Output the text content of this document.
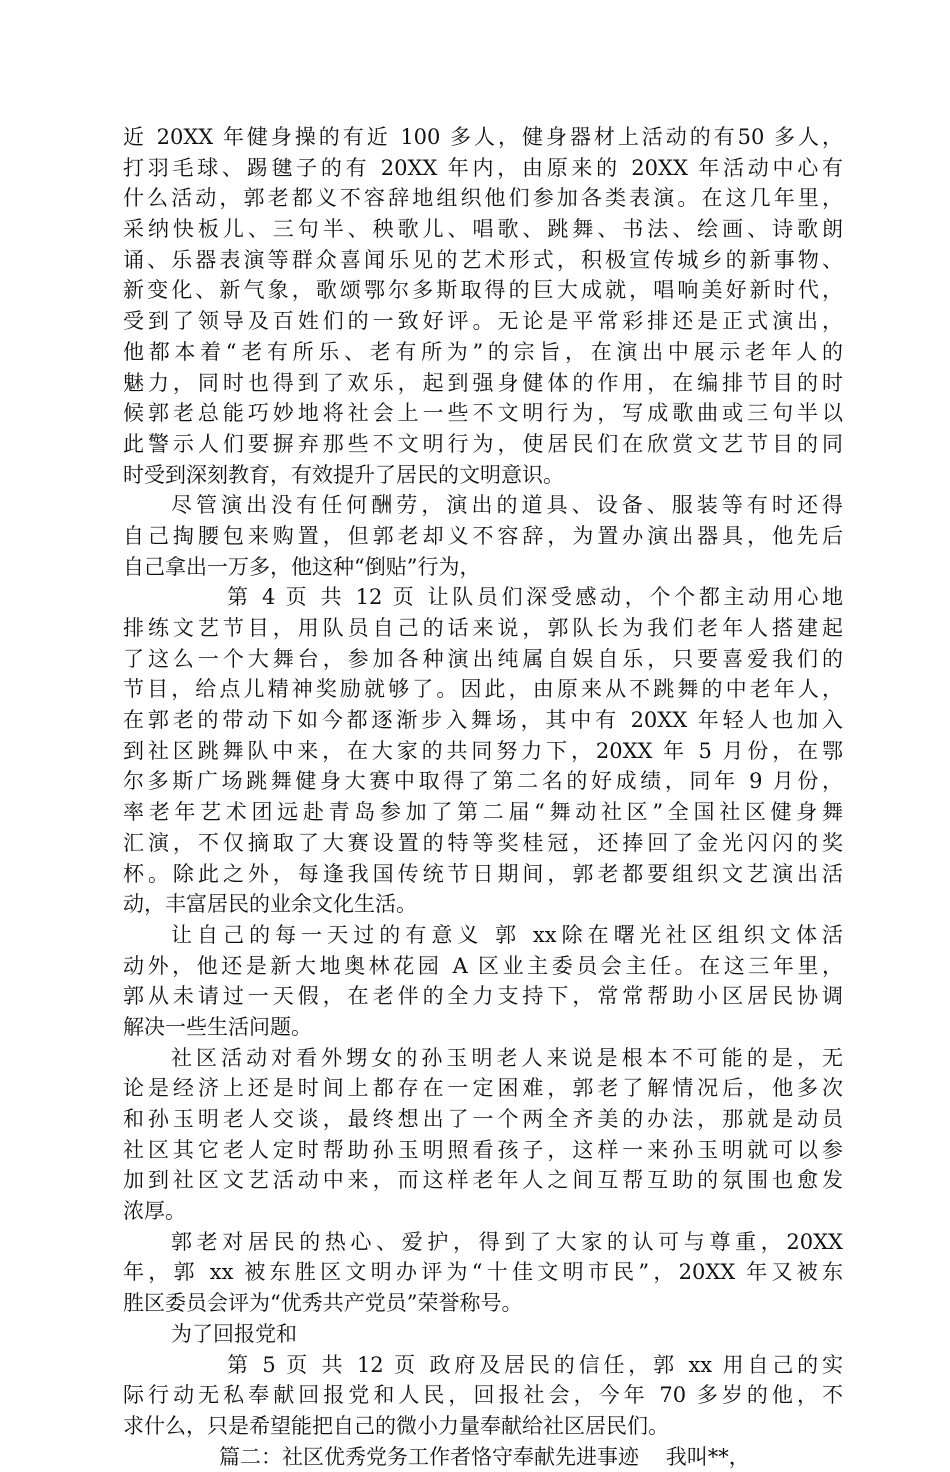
近 20XX 年健身操的有近 100 多人，健身器材上活动的有50 多人，
打羽毛球、踢毽子的有 20XX 年内，由原来的 20XX 年活动中心有
什么活动，郭老都义不容辞地组织他们参加各类表演。在这几年里，
采纳快板儿、三句半、秧歌儿、唱歌、跳舞、书法、绘画、诗歌朗
诵、乐器表演等群众喜闻乐见的艺术形式，积极宣传城乡的新事物、
新变化、新气象，歌颂鄂尔多斯取得的巨大成就，唱响美好新时代，
受到了领导及百姓们的一致好评。无论是平常彩排还是正式演出，
他都本着“老有所乐、老有所为”的宗旨，在演出中展示老年人的
魅力，同时也得到了欢乐，起到强身健体的作用，在编排节目的时
候郭老总能巧妙地将社会上一些不文明行为，写成歌曲或三句半以
此警示人们要摒弃那些不文明行为，使居民们在欣赏文艺节目的同
时受到深刻教育，有效提升了居民的文明意识。
尽管演出没有任何酬劳，演出的道具、设备、服装等有时还得
自己掏腰包来购置，但郭老却义不容辞，为置办演出器具，他先后
自己拿出一万多，他这种“倒贴”行为，
第 4 页 共 12 页 让队员们深受感动，个个都主动用心地
排练文艺节目，用队员自己的话来说，郭队长为我们老年人搭建起
了这么一个大舞台，参加各种演出纯属自娱自乐，只要喜爱我们的
节目，给点儿精神奖励就够了。因此，由原来从不跳舞的中老年人，
在郭老的带动下如今都逐渐步入舞场，其中有 20XX 年轻人也加入
到社区跳舞队中来，在大家的共同努力下，20XX 年 5 月份，在鄂
尔多斯广场跳舞健身大赛中取得了第二名的好成绩，同年 9 月份，
率老年艺术团远赴青岛参加了第二届“舞动社区”全国社区健身舞
汇演，不仅摘取了大赛设置的特等奖桂冠，还捧回了金光闪闪的奖
杯。除此之外，每逢我国传统节日期间，郭老都要组织文艺演出活
动，丰富居民的业余文化生活。
让自己的每一天过的有意义 郭 xx除在曙光社区组织文体活
动外，他还是新大地奥林花园 A 区业主委员会主任。在这三年里，
郭从未请过一天假，在老伴的全力支持下，常常帮助小区居民协调
解决一些生活问题。
社区活动对看外甥女的孙玉明老人来说是根本不可能的是，无
论是经济上还是时间上都存在一定困难，郭老了解情况后，他多次
和孙玉明老人交谈，最终想出了一个两全齐美的办法，那就是动员
社区其它老人定时帮助孙玉明照看孩子，这样一来孙玉明就可以参
加到社区文艺活动中来，而这样老年人之间互帮互助的氛围也愈发
浓厚。
郭老对居民的热心、爱护，得到了大家的认可与尊重，20XX
年，郭 xx 被东胜区文明办评为“十佳文明市民”，20XX 年又被东
胜区委员会评为“优秀共产党员”荣誉称号。
为了回报党和
第 5 页 共 12 页 政府及居民的信任，郭 xx 用自己的实
际行动无私奉献回报党和人民，回报社会，今年 70 多岁的他，不
求什么，只是希望能把自己的微小力量奉献给社区居民们。
篇二：社区优秀党务工作者恪守奉献先进事迹    我叫**，
